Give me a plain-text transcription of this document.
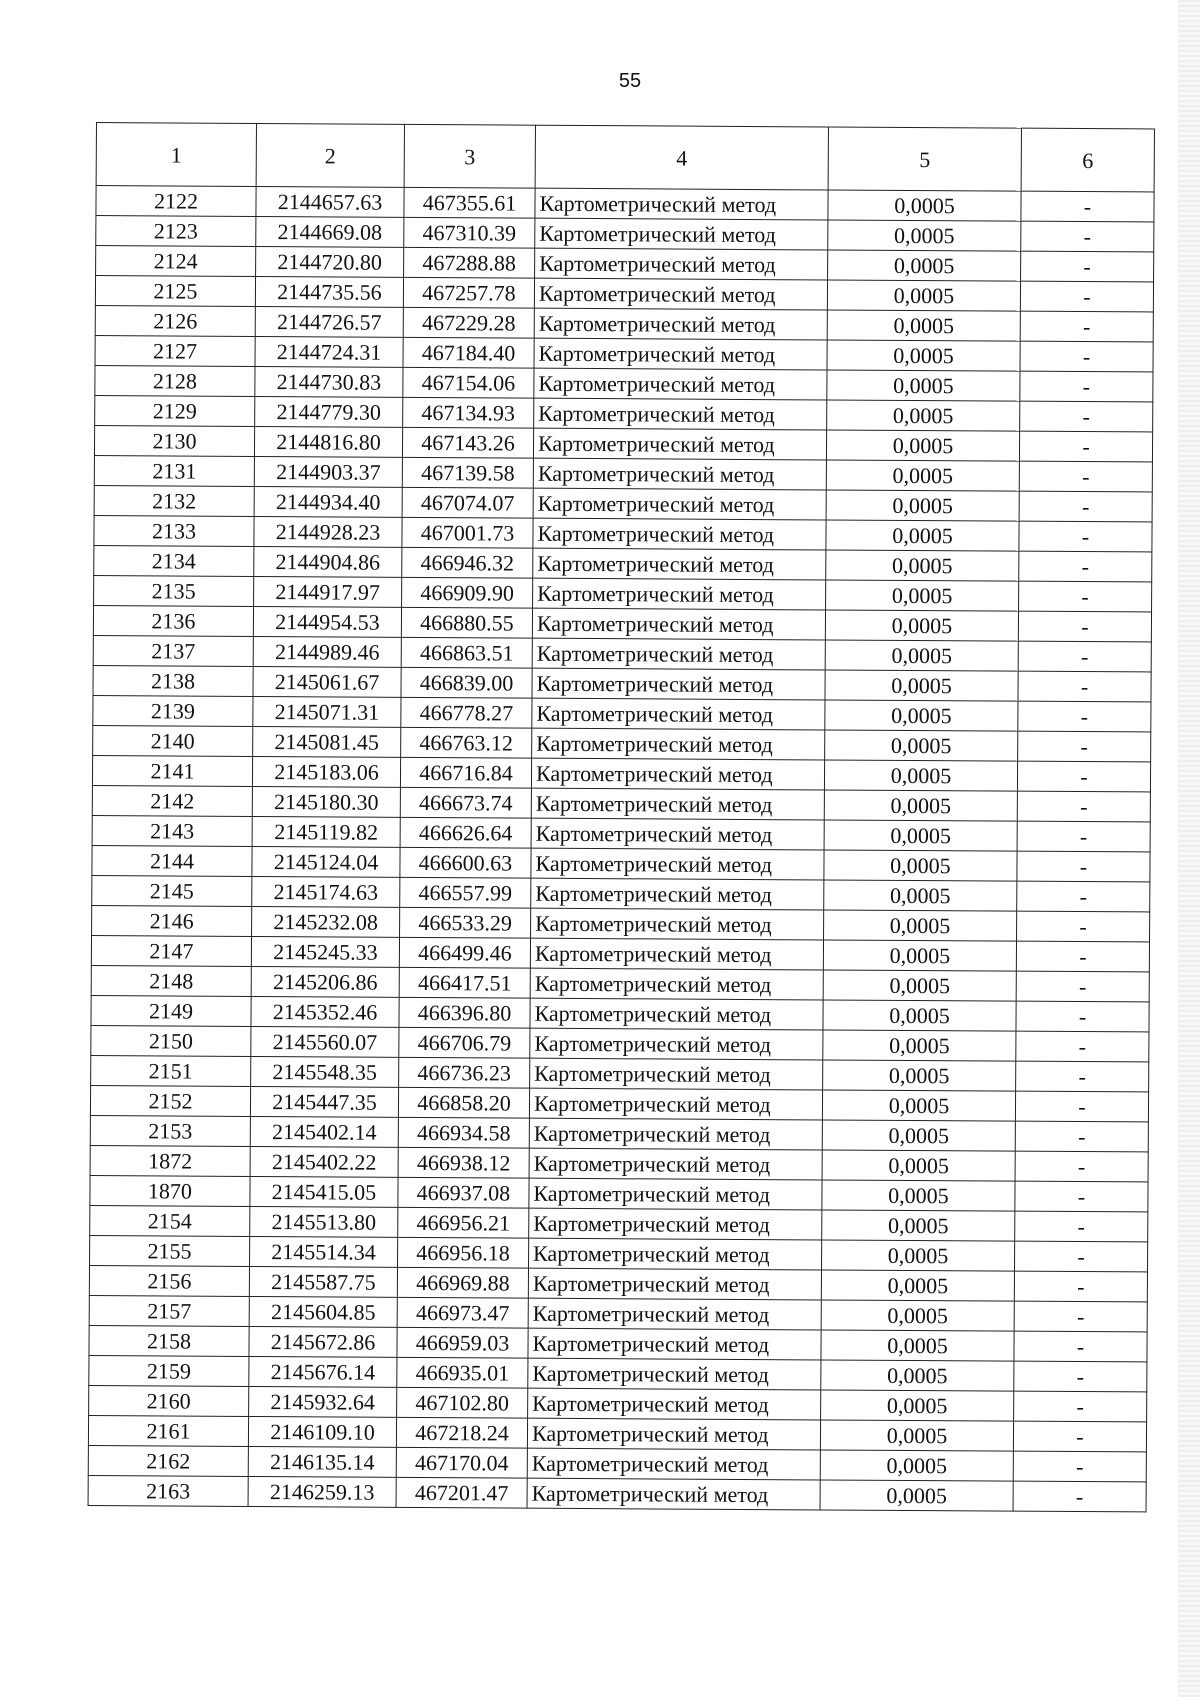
55
1	2	3	4	5	6
2122	2144657.63	467355.61	Картометрический метод	0,0005	-
2123	2144669.08	467310.39	Картометрический метод	0,0005	-
2124	2144720.80	467288.88	Картометрический метод	0,0005	-
2125	2144735.56	467257.78	Картометрический метод	0,0005	-
2126	2144726.57	467229.28	Картометрический метод	0,0005	-
2127	2144724.31	467184.40	Картометрический метод	0,0005	-
2128	2144730.83	467154.06	Картометрический метод	0,0005	-
2129	2144779.30	467134.93	Картометрический метод	0,0005	-
2130	2144816.80	467143.26	Картометрический метод	0,0005	-
2131	2144903.37	467139.58	Картометрический метод	0,0005	-
2132	2144934.40	467074.07	Картометрический метод	0,0005	-
2133	2144928.23	467001.73	Картометрический метод	0,0005	-
2134	2144904.86	466946.32	Картометрический метод	0,0005	-
2135	2144917.97	466909.90	Картометрический метод	0,0005	-
2136	2144954.53	466880.55	Картометрический метод	0,0005	-
2137	2144989.46	466863.51	Картометрический метод	0,0005	-
2138	2145061.67	466839.00	Картометрический метод	0,0005	-
2139	2145071.31	466778.27	Картометрический метод	0,0005	-
2140	2145081.45	466763.12	Картометрический метод	0,0005	-
2141	2145183.06	466716.84	Картометрический метод	0,0005	-
2142	2145180.30	466673.74	Картометрический метод	0,0005	-
2143	2145119.82	466626.64	Картометрический метод	0,0005	-
2144	2145124.04	466600.63	Картометрический метод	0,0005	-
2145	2145174.63	466557.99	Картометрический метод	0,0005	-
2146	2145232.08	466533.29	Картометрический метод	0,0005	-
2147	2145245.33	466499.46	Картометрический метод	0,0005	-
2148	2145206.86	466417.51	Картометрический метод	0,0005	-
2149	2145352.46	466396.80	Картометрический метод	0,0005	-
2150	2145560.07	466706.79	Картометрический метод	0,0005	-
2151	2145548.35	466736.23	Картометрический метод	0,0005	-
2152	2145447.35	466858.20	Картометрический метод	0,0005	-
2153	2145402.14	466934.58	Картометрический метод	0,0005	-
1872	2145402.22	466938.12	Картометрический метод	0,0005	-
1870	2145415.05	466937.08	Картометрический метод	0,0005	-
2154	2145513.80	466956.21	Картометрический метод	0,0005	-
2155	2145514.34	466956.18	Картометрический метод	0,0005	-
2156	2145587.75	466969.88	Картометрический метод	0,0005	-
2157	2145604.85	466973.47	Картометрический метод	0,0005	-
2158	2145672.86	466959.03	Картометрический метод	0,0005	-
2159	2145676.14	466935.01	Картометрический метод	0,0005	-
2160	2145932.64	467102.80	Картометрический метод	0,0005	-
2161	2146109.10	467218.24	Картометрический метод	0,0005	-
2162	2146135.14	467170.04	Картометрический метод	0,0005	-
2163	2146259.13	467201.47	Картометрический метод	0,0005	-
